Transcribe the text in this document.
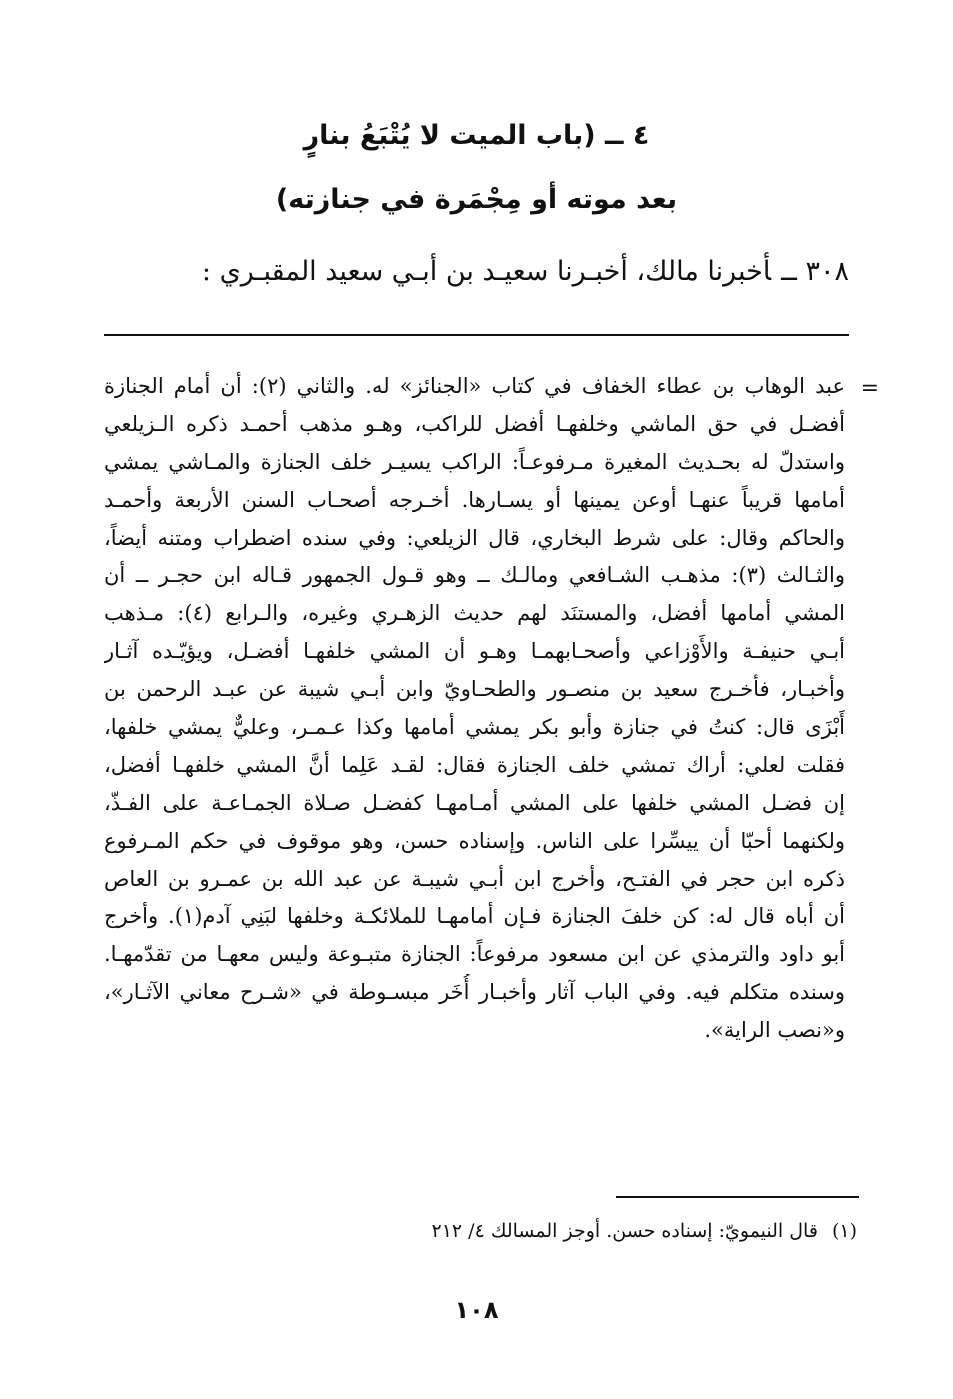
٤ ــ (باب الميت لا يُتْبَعُ بنارٍ
بعد موته أو مِجْمَرة في جنازته)

٣٠٨ ــأخبرنا مالك، أخبـرنا سعيـد بن أبـي سعيد المقبـري :

=
عبد الوهاب بن عطاء الخفاف في كتاب «الجنائز» له. والثاني (٢): أن أمام الجنازة
أفضـل في حق الماشي وخلفهـا أفضل للراكب، وهـو مذهب أحمـد ذكره الـزيلعي
واستدلّ له بحـديث المغيرة مـرفوعـاً: الراكب يسيـر خلف الجنازة والمـاشي يمشي
أمامها قريباً عنهـا أوعن يمينها أو يسـارها. أخـرجه أصحـاب السنن الأربعة وأحمـد
والحاكم وقال: على شرط البخاري، قال الزيلعي: وفي سنده اضطراب ومتنه أيضاً،
والثـالث (٣): مذهـب الشـافعي ومالـك ــ وهو قـول الجمهور قـاله ابن حجـر ــ أن
المشي أمامها أفضل، والمستنَد لهم حديث الزهـري وغيره، والـرابع (٤): مـذهب
أبـي حنيفـة والأَوْزاعي وأصحـابهمـا وهـو أن المشي خلفهـا أفضـل، ويؤيّـده آثـار
وأخبـار، فأخـرج سعيد بن منصـور والطحـاويّ وابن أبـي شيبة عن عبـد الرحمن بن
أَبْزَى قال: كنتُ في جنازة وأبو بكر يمشي أمامها وكذا عـمـر، وعليٌّ يمشي خلفها،
فقلت لعلي: أراك تمشي خلف الجنازة فقال: لقـد عَلِما أنَّ المشي خلفهـا أفضل،
إن فضـل المشي خلفها على المشي أمـامهـا كفضـل صـلاة الجمـاعـة على الفـذّ،
ولكنهما أحبّا أن ييسِّرا على الناس. وإسناده حسن، وهو موقوف في حكم المـرفوع
ذكره ابن حجر في الفتـح، وأخرج ابن أبـي شيبـة عن عبد الله بن عمـرو بن العاص
أن أباه قال له: كن خلفَ الجنازة فـإن أمامهـا للملائكـة وخلفها لبَنِي آدم(١). وأخرج
أبو داود والترمذي عن ابن مسعود مرفوعاً: الجنازة متبـوعة وليس معهـا من تقدّمهـا.
وسنده متكلم فيه. وفي الباب آثار وأخبـار أُخَر مبسـوطة في «شـرح معاني الآثـار»،
و«نصب الراية».

(١)قال النيمويّ: إسناده حسن. أوجز المسالك ٤/ ٢١٢

١٠٨
